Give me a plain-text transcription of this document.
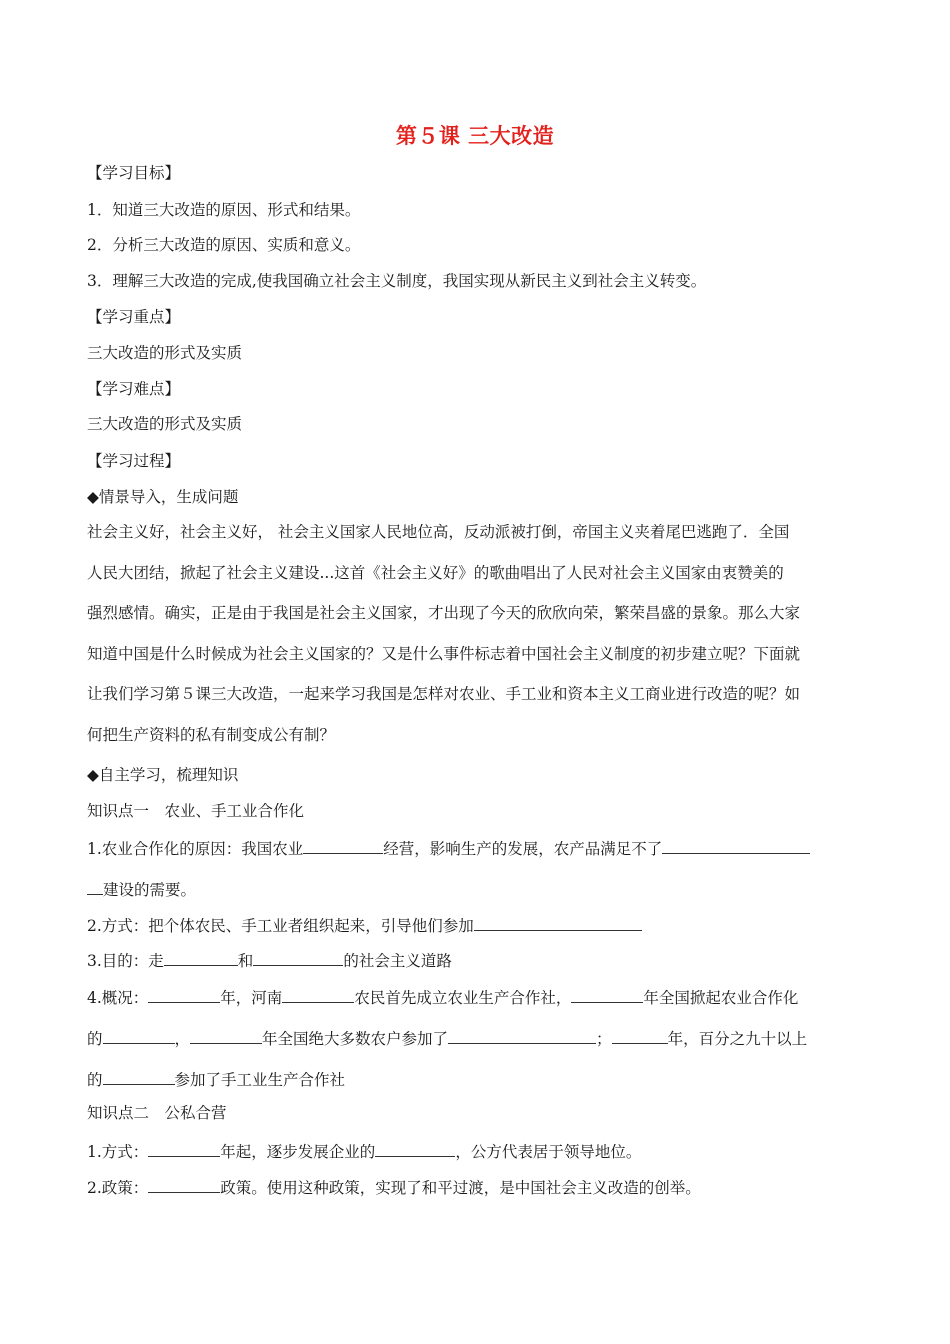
第５课 三大改造
【学习目标】
1．知道三大改造的原因、形式和结果。
2．分析三大改造的原因、实质和意义。
3．理解三大改造的完成,使我国确立社会主义制度，我国实现从新民主义到社会主义转变。
【学习重点】
三大改造的形式及实质
【学习难点】
三大改造的形式及实质
【学习过程】
◆情景导入，生成问题
社会主义好，社会主义好， 社会主义国家人民地位高，反动派被打倒，帝国主义夹着尾巴逃跑了．全国
人民大团结，掀起了社会主义建设...这首《社会主义好》的歌曲唱出了人民对社会主义国家由衷赞美的
强烈感情。确实，正是由于我国是社会主义国家，才出现了今天的欣欣向荣，繁荣昌盛的景象。那么大家
知道中国是什么时候成为社会主义国家的？又是什么事件标志着中国社会主义制度的初步建立呢？下面就
让我们学习第５课三大改造，一起来学习我国是怎样对农业、手工业和资本主义工商业进行改造的呢？如
何把生产资料的私有制变成公有制？
◆自主学习，梳理知识
知识点一　农业、手工业合作化
1.农业合作化的原因：我国农业	经营，影响生产的发展，农产品满足不了
建设的需要。
2.方式：把个体农民、手工业者组织起来，引导他们参加
3.目的：走	和	的社会主义道路
4.概况：	年，河南	农民首先成立农业生产合作社，	年全国掀起农业合作化
的	，	年全国绝大多数农户参加了	；	年，百分之九十以上
的	参加了手工业生产合作社
知识点二　公私合营
1.方式：	年起，逐步发展企业的	，公方代表居于领导地位。
2.政策：	政策。使用这种政策，实现了和平过渡，是中国社会主义改造的创举。
